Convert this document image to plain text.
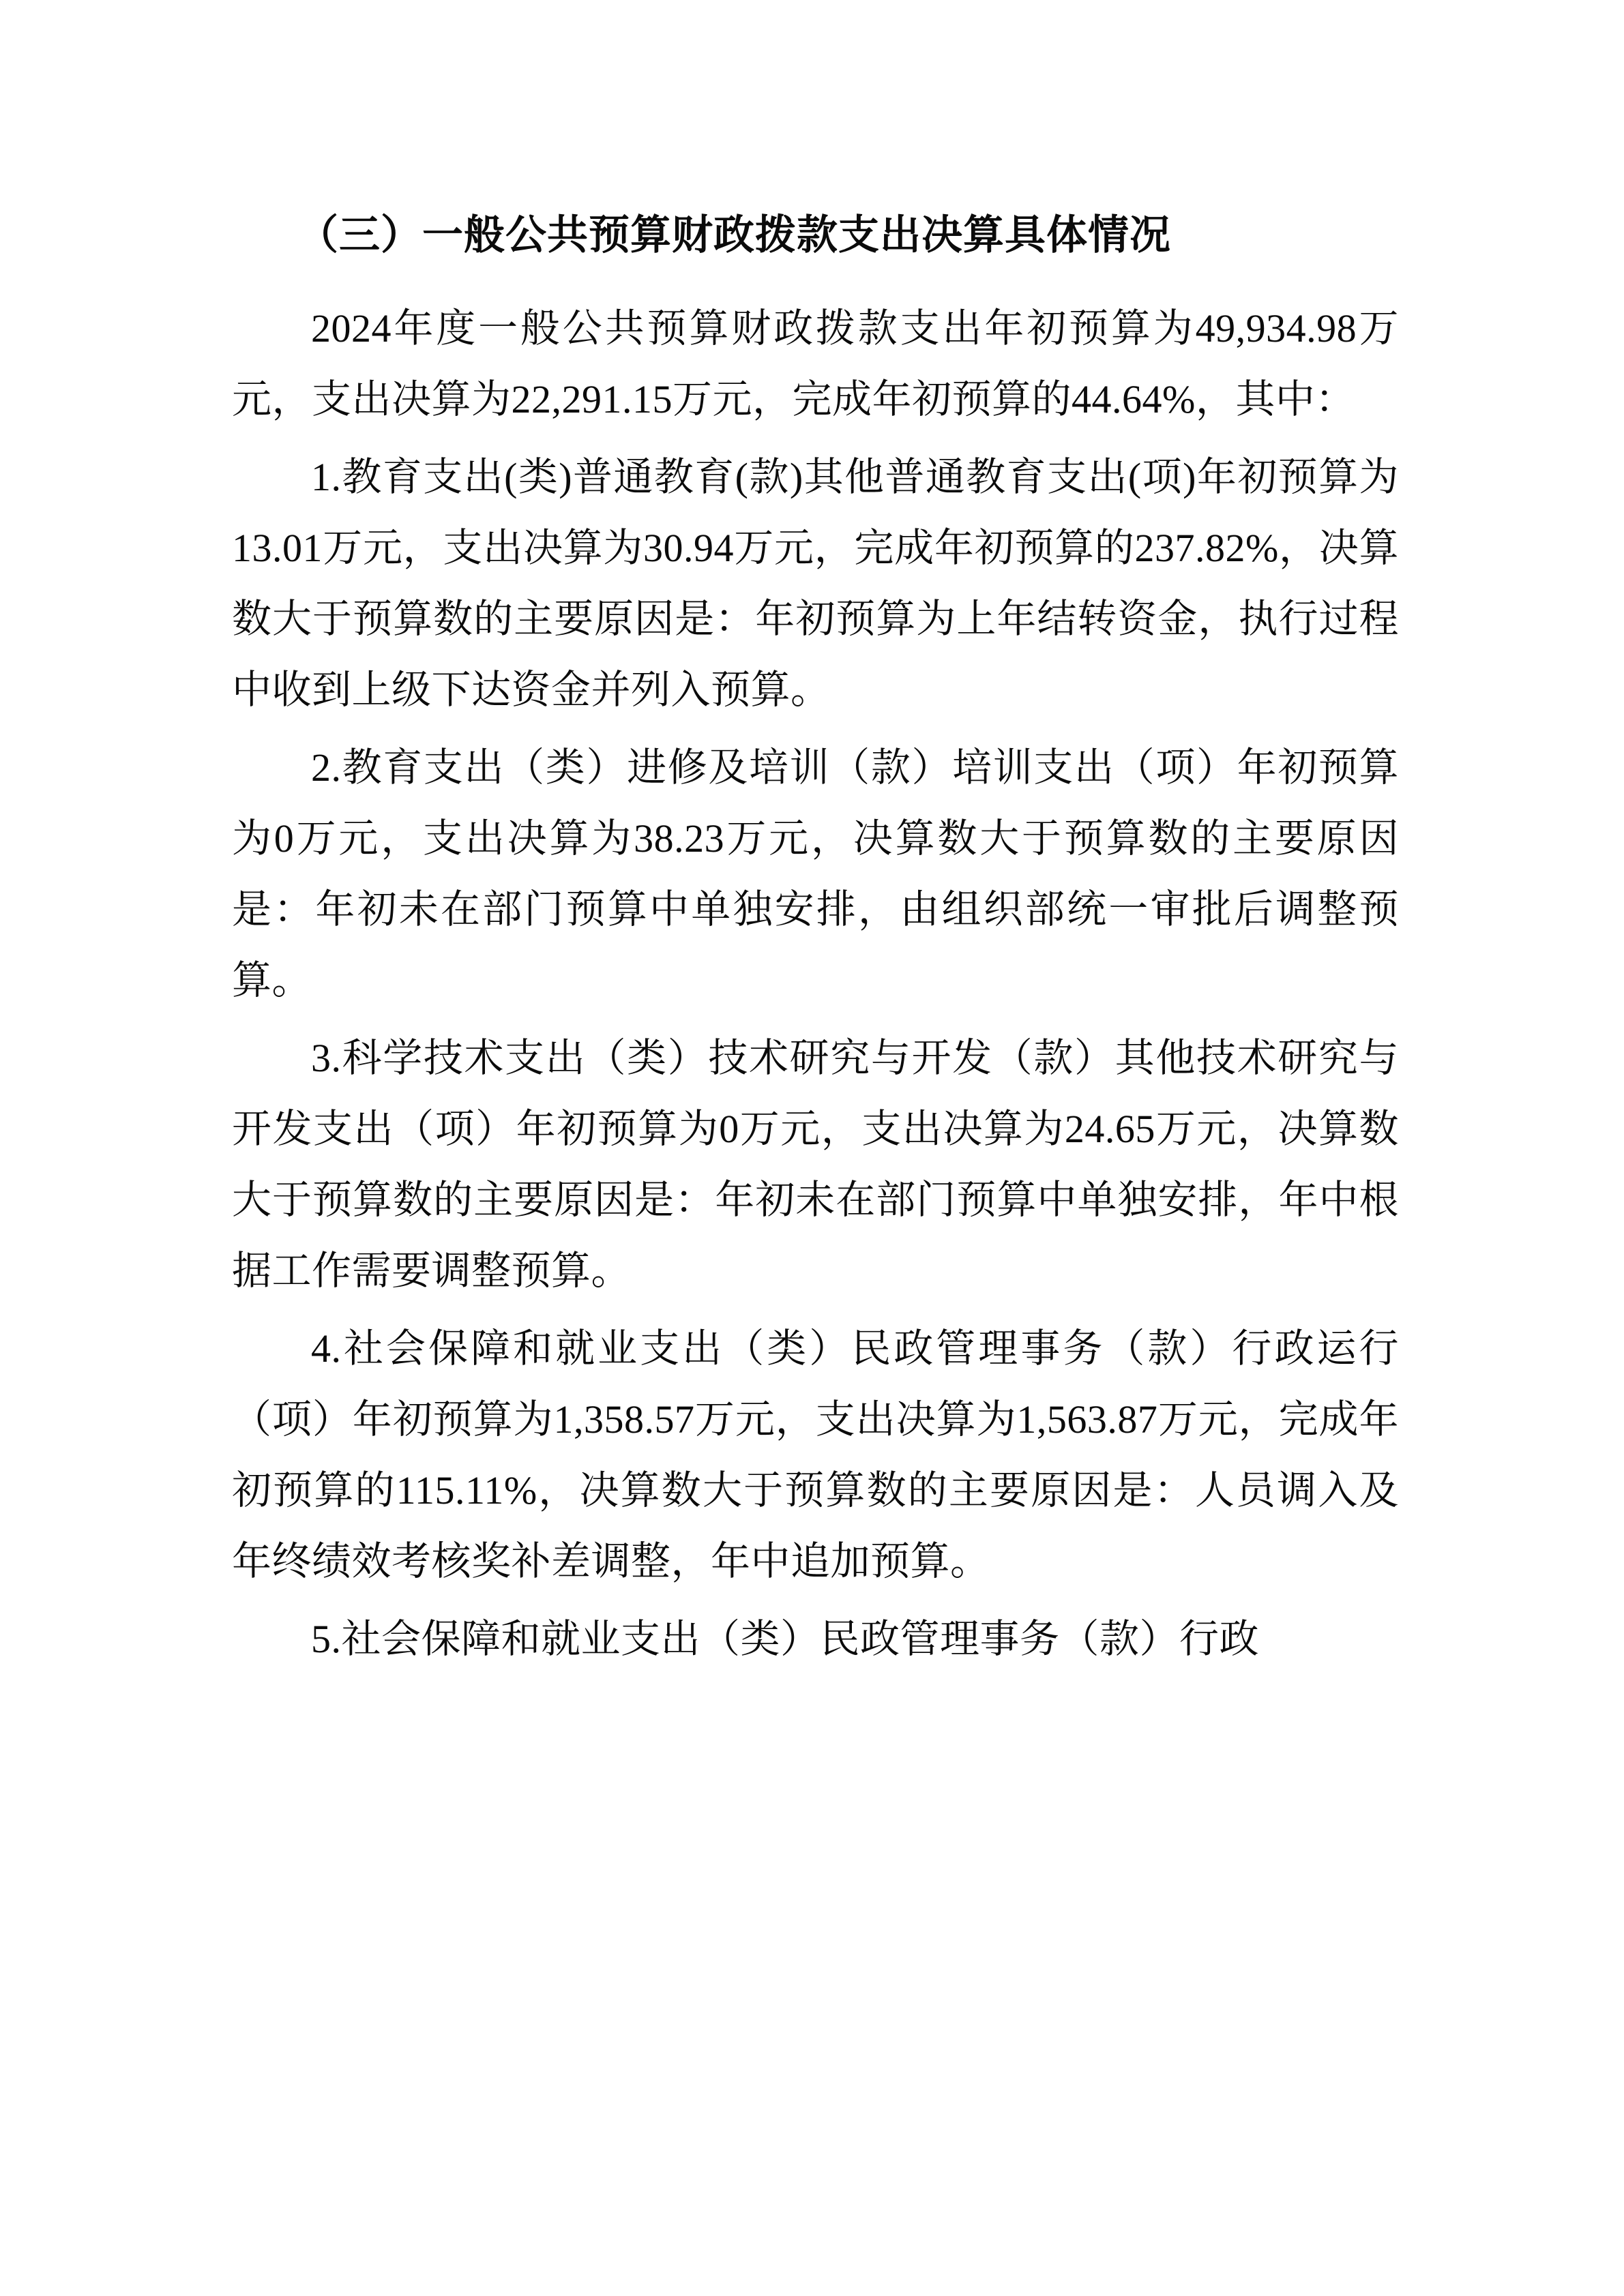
（三）一般公共预算财政拨款支出决算具体情况

2024年度一般公共预算财政拨款支出年初预算为49,934.98万元，支出决算为22,291.15万元，完成年初预算的44.64%，其中：

1.教育支出(类)普通教育(款)其他普通教育支出(项)年初预算为13.01万元，支出决算为30.94万元，完成年初预算的237.82%，决算数大于预算数的主要原因是：年初预算为上年结转资金，执行过程中收到上级下达资金并列入预算。

2.教育支出（类）进修及培训（款）培训支出（项）年初预算为0万元，支出决算为38.23万元，决算数大于预算数的主要原因是：年初未在部门预算中单独安排，由组织部统一审批后调整预算。

3.科学技术支出（类）技术研究与开发（款）其他技术研究与开发支出（项）年初预算为0万元，支出决算为24.65万元，决算数大于预算数的主要原因是：年初未在部门预算中单独安排，年中根据工作需要调整预算。

4.社会保障和就业支出（类）民政管理事务（款）行政运行（项）年初预算为1,358.57万元，支出决算为1,563.87万元，完成年初预算的115.11%，决算数大于预算数的主要原因是：人员调入及年终绩效考核奖补差调整，年中追加预算。

5.社会保障和就业支出（类）民政管理事务（款）行政
